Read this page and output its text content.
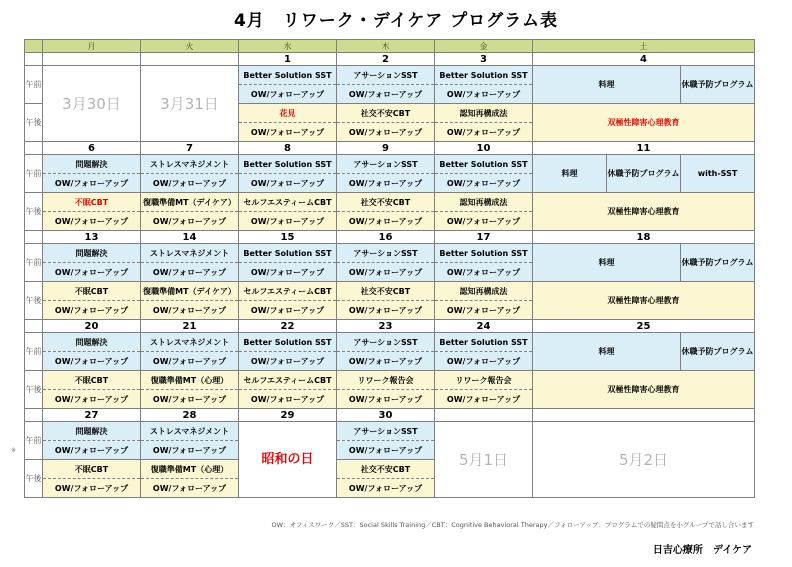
4月　リワーク・デイケア プログラム表
	月	火	水	木	金	土		
			1	2	3	4		
午前	3月30日	3月31日	Better Solution SST	アサーションSST	Better Solution SST	料理		休職予防プログラム
			OW/フォローアップ	OW/フォローアップ	OW/フォローアップ			
午後			花見	社交不安CBT	認知再構成法	双極性障害心理教育		
			OW/フォローアップ	OW/フォローアップ	OW/フォローアップ			
	6	7	8	9	10	11		
午前	問題解決	ストレスマネジメント	Better Solution SST	アサーションSST	Better Solution SST	料理	休職予防プログラム	with-SST
	OW/フォローアップ	OW/フォローアップ	OW/フォローアップ	OW/フォローアップ	OW/フォローアップ			
午後	不眠CBT	復職準備MT（デイケア）	セルフエスティームCBT	社交不安CBT	認知再構成法	双極性障害心理教育		
	OW/フォローアップ	OW/フォローアップ	OW/フォローアップ	OW/フォローアップ	OW/フォローアップ			
	13	14	15	16	17	18		
午前	問題解決	ストレスマネジメント	Better Solution SST	アサーションSST	Better Solution SST	料理		休職予防プログラム
	OW/フォローアップ	OW/フォローアップ	OW/フォローアップ	OW/フォローアップ	OW/フォローアップ			
午後	不眠CBT	復職準備MT（デイケア）	セルフエスティームCBT	社交不安CBT	認知再構成法	双極性障害心理教育		
	OW/フォローアップ	OW/フォローアップ	OW/フォローアップ	OW/フォローアップ	OW/フォローアップ			
	20	21	22	23	24	25		
午前	問題解決	ストレスマネジメント	Better Solution SST	アサーションSST	Better Solution SST	料理		休職予防プログラム
	OW/フォローアップ	OW/フォローアップ	OW/フォローアップ	OW/フォローアップ	OW/フォローアップ			
午後	不眠CBT	復職準備MT（心理）	セルフエスティームCBT	リワーク報告会	リワーク報告会	双極性障害心理教育		
	OW/フォローアップ	OW/フォローアップ	OW/フォローアップ	OW/フォローアップ	OW/フォローアップ			
	27	28	29	30				
午前	問題解決	ストレスマネジメント	昭和の日	アサーションSST	5月1日	5月2日		
	OW/フォローアップ	OW/フォローアップ		OW/フォローアップ				
午後	不眠CBT	復職準備MT（心理）		社交不安CBT				
	OW/フォローアップ	OW/フォローアップ		OW/フォローアップ				
※
OW：オフィスワーク／SST：Social Skills Training／CBT：Cognitive Behavioral Therapy／フォローアップ：プログラムでの疑問点を小グループで話し合います
日吉心療所　デイケア
